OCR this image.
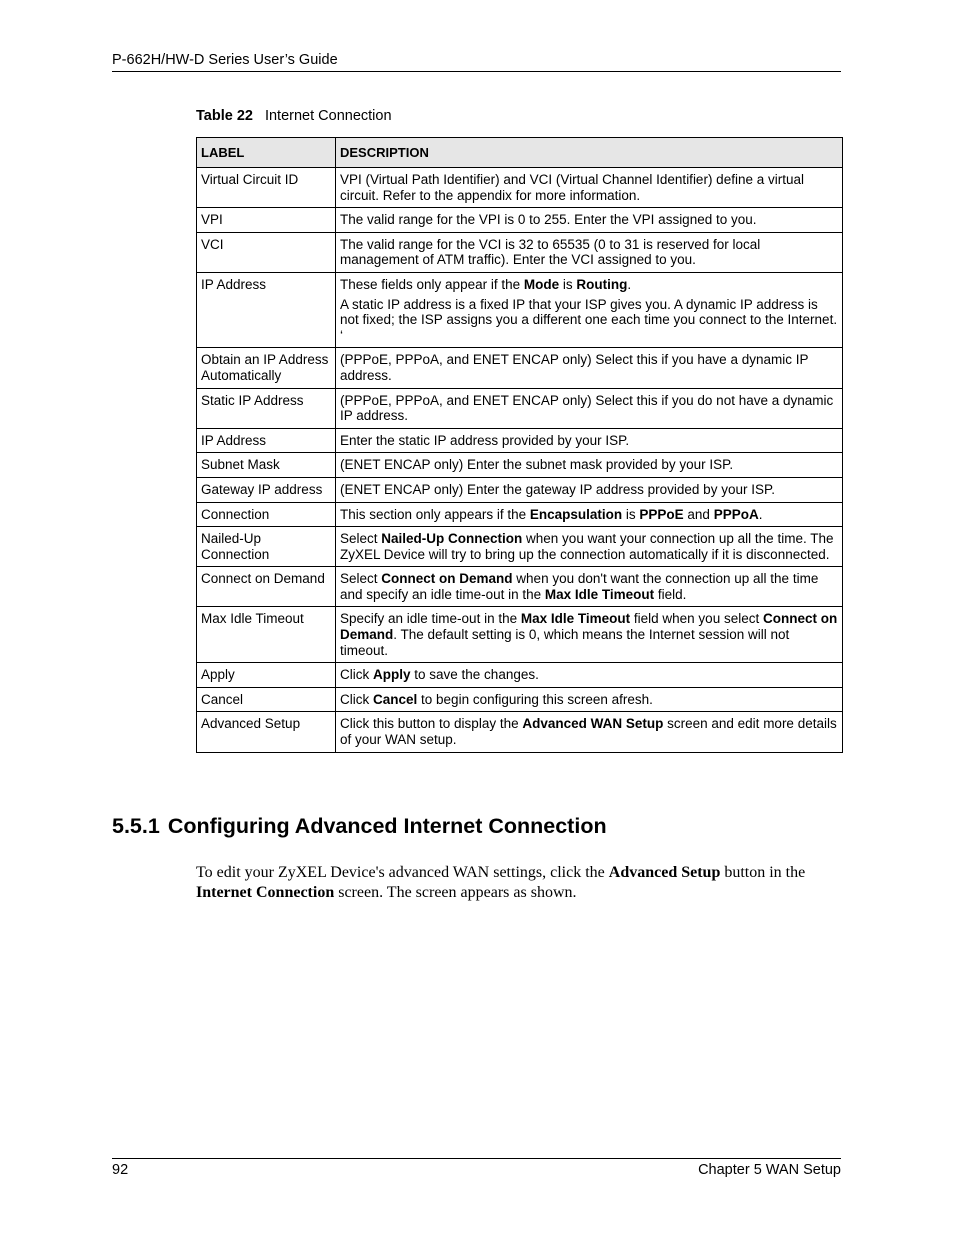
P-662H/HW-D Series User’s Guide
Table 22 Internet Connection
LABEL	DESCRIPTION
Virtual Circuit ID	VPI (Virtual Path Identifier) and VCI (Virtual Channel Identifier) define a virtual circuit. Refer to the appendix for more information.

VPI	The valid range for the VPI is 0 to 255. Enter the VPI assigned to you.

VCI	The valid range for the VCI is 32 to 65535 (0 to 31 is reserved for local management of ATM traffic). Enter the VCI assigned to you.

IP Address	These fields only appear if the Mode is Routing.

A static IP address is a fixed IP that your ISP gives you. A dynamic IP address is not fixed; the ISP assigns you a different one each time you connect to the Internet. ‘

Obtain an IP Address Automatically	(PPPoE, PPPoA, and ENET ENCAP only) Select this if you have a dynamic IP address.

Static IP Address	(PPPoE, PPPoA, and ENET ENCAP only) Select this if you do not have a dynamic IP address.

IP Address	Enter the static IP address provided by your ISP.

Subnet Mask	(ENET ENCAP only) Enter the subnet mask provided by your ISP.

Gateway IP address	(ENET ENCAP only) Enter the gateway IP address provided by your ISP.

Connection	This section only appears if the Encapsulation is PPPoE and PPPoA.

Nailed-Up Connection	Select Nailed-Up Connection when you want your connection up all the time. The ZyXEL Device will try to bring up the connection automatically if it is disconnected.

Connect on Demand	Select Connect on Demand when you don't want the connection up all the time and specify an idle time-out in the Max Idle Timeout field.

Max Idle Timeout	Specify an idle time-out in the Max Idle Timeout field when you select Connect on Demand. The default setting is 0, which means the Internet session will not timeout.

Apply	Click Apply to save the changes.

Cancel	Click Cancel to begin configuring this screen afresh.

Advanced Setup	Click this button to display the Advanced WAN Setup screen and edit more details of your WAN setup.

5.5.1 Configuring Advanced Internet Connection

To edit your ZyXEL Device's advanced WAN settings, click the Advanced Setup button in the Internet Connection screen. The screen appears as shown.

92	Chapter 5 WAN Setup
